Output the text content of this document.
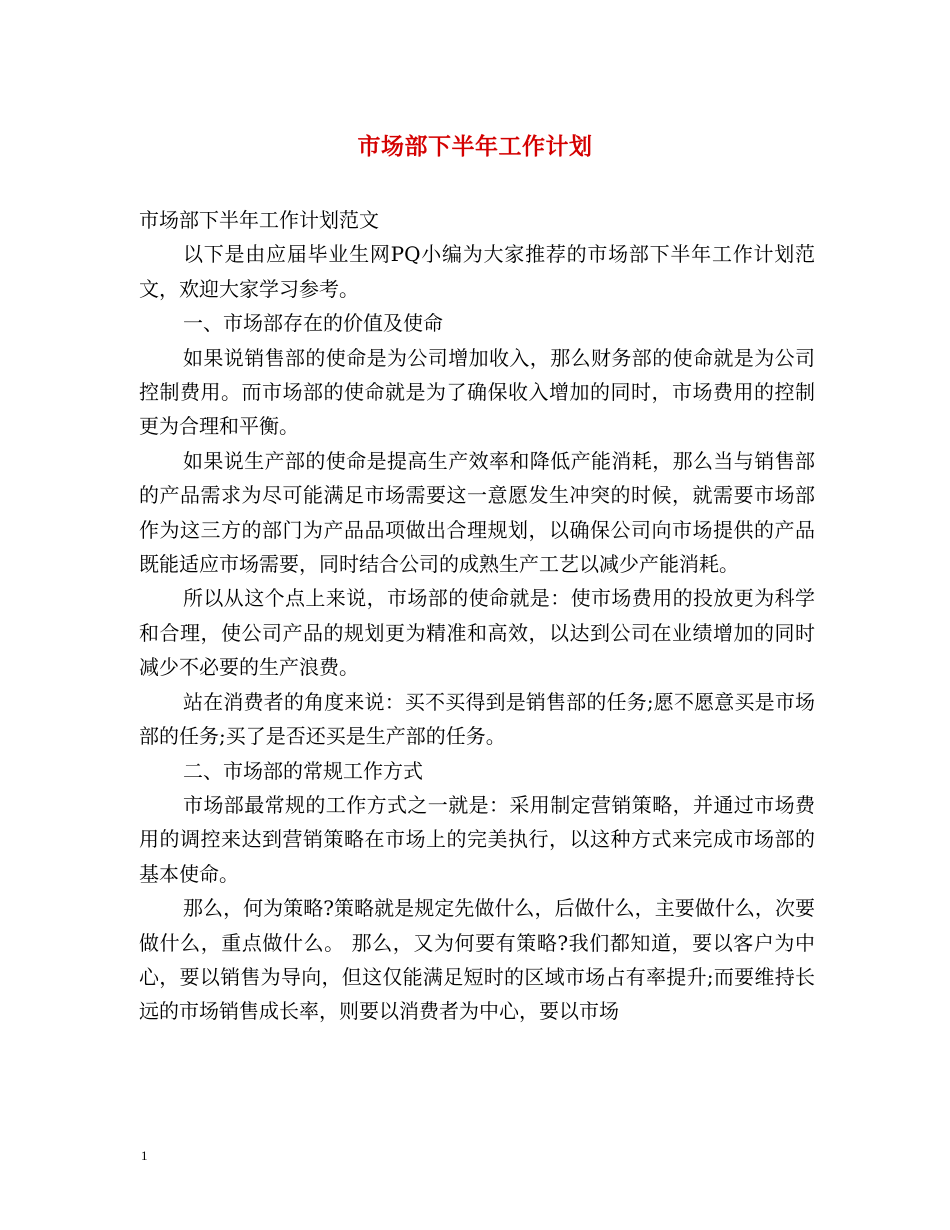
市场部下半年工作计划

市场部下半年工作计划范文

以下是由应届毕业生网PQ小编为大家推荐的市场部下半年工作计划范文，欢迎大家学习参考。

一、市场部存在的价值及使命

如果说销售部的使命是为公司增加收入，那么财务部的使命就是为公司控制费用。而市场部的使命就是为了确保收入增加的同时，市场费用的控制更为合理和平衡。

如果说生产部的使命是提高生产效率和降低产能消耗，那么当与销售部的产品需求为尽可能满足市场需要这一意愿发生冲突的时候，就需要市场部作为这三方的部门为产品品项做出合理规划，以确保公司向市场提供的产品既能适应市场需要，同时结合公司的成熟生产工艺以减少产能消耗。

所以从这个点上来说，市场部的使命就是：使市场费用的投放更为科学和合理，使公司产品的规划更为精准和高效，以达到公司在业绩增加的同时减少不必要的生产浪费。

站在消费者的角度来说：买不买得到是销售部的任务;愿不愿意买是市场部的任务;买了是否还买是生产部的任务。

二、市场部的常规工作方式

市场部最常规的工作方式之一就是：采用制定营销策略，并通过市场费用的调控来达到营销策略在市场上的完美执行，以这种方式来完成市场部的基本使命。

那么，何为策略?策略就是规定先做什么，后做什么，主要做什么，次要做什么，重点做什么。 那么，又为何要有策略?我们都知道，要以客户为中心，要以销售为导向，但这仅能满足短时的区域市场占有率提升;而要维持长远的市场销售成长率，则要以消费者为中心，要以市场

1
